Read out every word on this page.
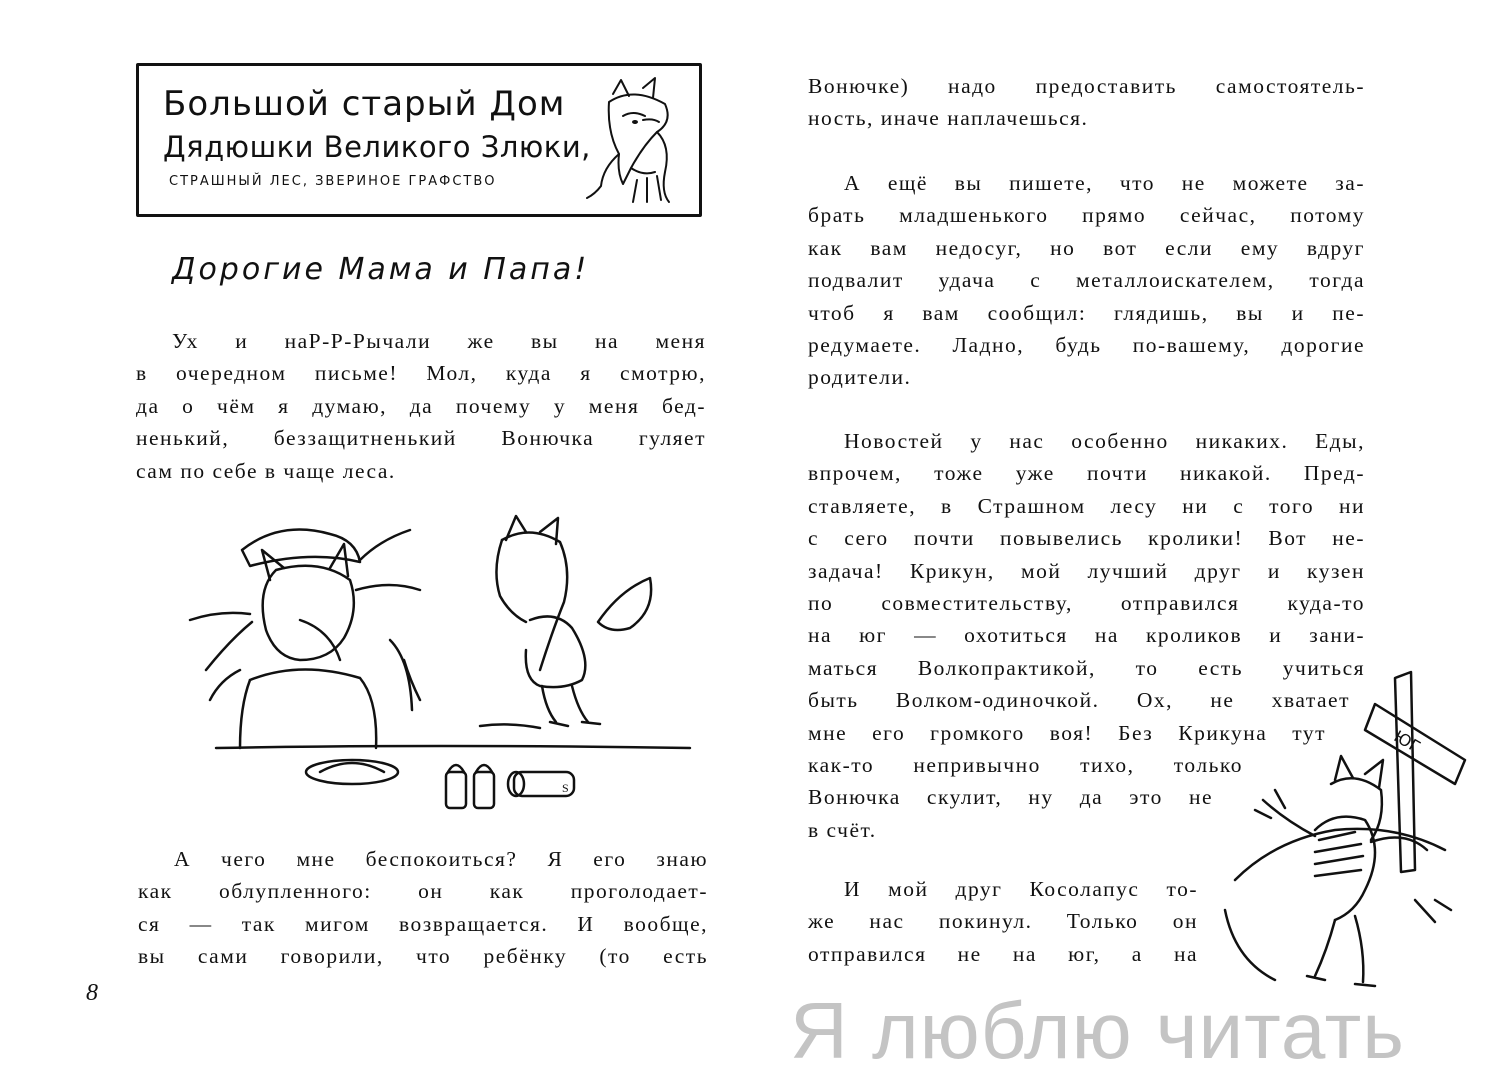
Большой старый Дом
Дядюшки Великого Злюки,
СТРАШНЫЙ ЛЕС, ЗВЕРИНОЕ ГРАФСТВО
Дорогие Мама и Папа!
Ух и наР-Р-Рычали же вы на меня
в очередном письме! Мол, куда я смотрю,
да о чём я думаю, да почему у меня бед-
ненький, беззащитненький Вонючка гуляет
сам по себе в чаще леса.
S
А чего мне беспокоиться? Я его знаю
как облупленного: он как проголодает-
ся — так мигом возвращается. И вообще,
вы сами говорили, что ребёнку (то есть
8
Вонючке) надо предоставить самостоятель-
ность, иначе наплачешься.
А ещё вы пишете, что не можете за-
брать младшенького прямо сейчас, потому
как вам недосуг, но вот если ему вдруг
подвалит удача с металлоискателем, тогда
чтоб я вам сообщил: глядишь, вы и пе-
редумаете. Ладно, будь по-вашему, дорогие
родители.
Новостей у нас особенно никаких. Еды,
впрочем, тоже уже почти никакой. Пред-
ставляете, в Страшном лесу ни с того ни
с сего почти повывелись кролики! Вот не-
задача! Крикун, мой лучший друг и кузен
по совместительству, отправился куда-то
на юг — охотиться на кроликов и зани-
маться Волкопрактикой, то есть учиться
быть Волком-одиночкой. Ох, не хватает
мне его громкого воя! Без Крикуна тут
как-то непривычно тихо, только
Вонючка скулит, ну да это не
в счёт.
И мой друг Косолапус то-
же нас покинул. Только он
отправился не на юг, а на
ЮГ
Я люблю читать
